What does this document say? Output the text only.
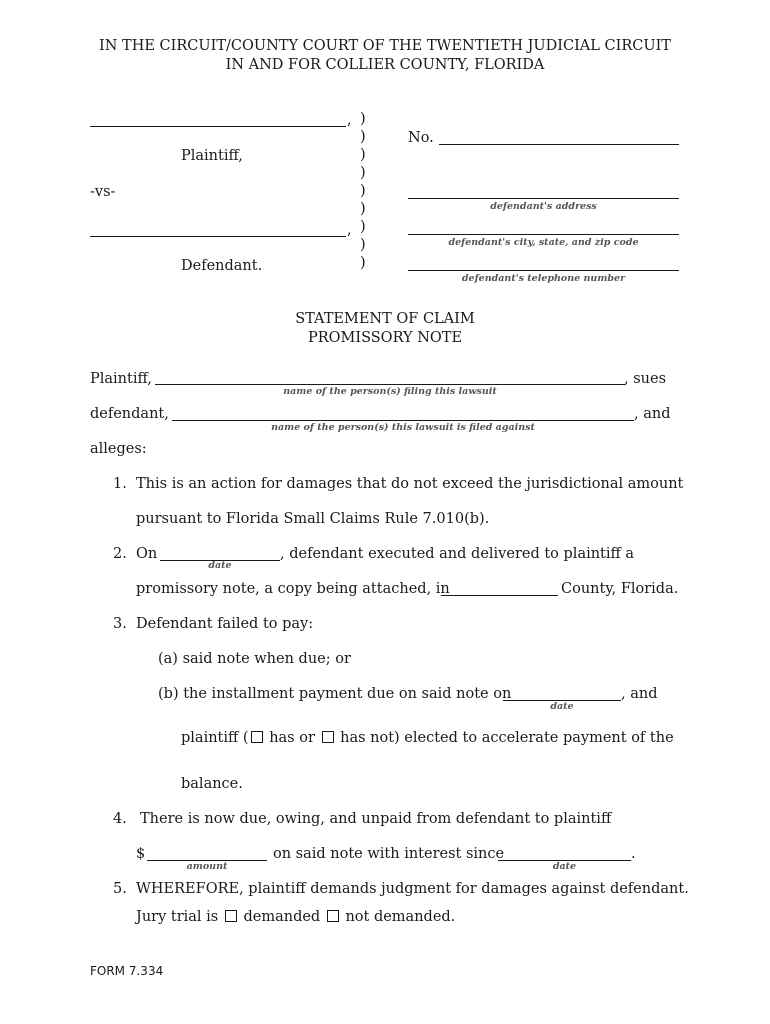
IN THE CIRCUIT/COUNTY COURT OF THE TWENTIETH JUDICIAL CIRCUIT
IN AND FOR COLLIER COUNTY, FLORIDA
,
Plaintiff,
-vs-
,
Defendant.
)
)
)
)
)
)
)
)
)
No.
defendant's address
defendant's city, state, and zip code
defendant's telephone number
STATEMENT OF CLAIM
PROMISSORY NOTE
Plaintiff,	, sues
name of the person(s) filing this lawsuit
defendant,	, and
name of the person(s) this lawsuit is filed against
alleges:
1. This is an action for damages that do not exceed the jurisdictional amount
pursuant to Florida Small Claims Rule 7.010(b).
2. On	, defendant executed and delivered to plaintiff a
date
promissory note, a copy being attached, in	County, Florida.
3. Defendant failed to pay:
(a) said note when due; or
(b) the installment payment due on said note on	, and
date
plaintiff ( has or has not) elected to accelerate payment of the
balance.
4. There is now due, owing, and unpaid from defendant to plaintiff
$	on said note with interest since	.
amount	date
5. WHEREFORE, plaintiff demands judgment for damages against defendant.
Jury trial is demanded not demanded.
FORM 7.334
